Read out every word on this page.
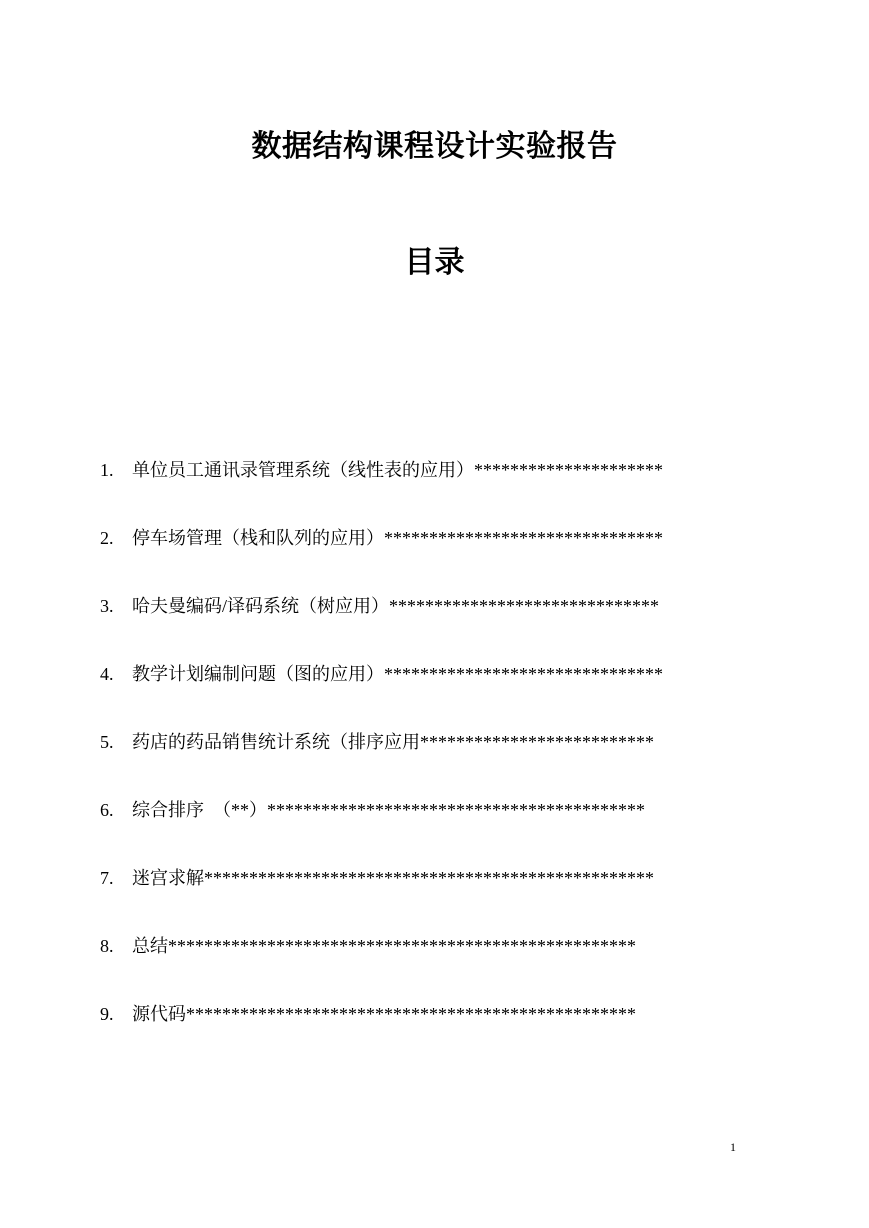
数据结构课程设计实验报告
目录
1.	单位员工通讯录管理系统（线性表的应用）*********************
2.	停车场管理（栈和队列的应用）*******************************
3.	哈夫曼编码/译码系统（树应用）******************************
4.	教学计划编制问题（图的应用）*******************************
5.	药店的药品销售统计系统（排序应用**************************
6.	综合排序　（**）******************************************
7.	迷宫求解**************************************************
8.	总结****************************************************
9.	源代码**************************************************
1
